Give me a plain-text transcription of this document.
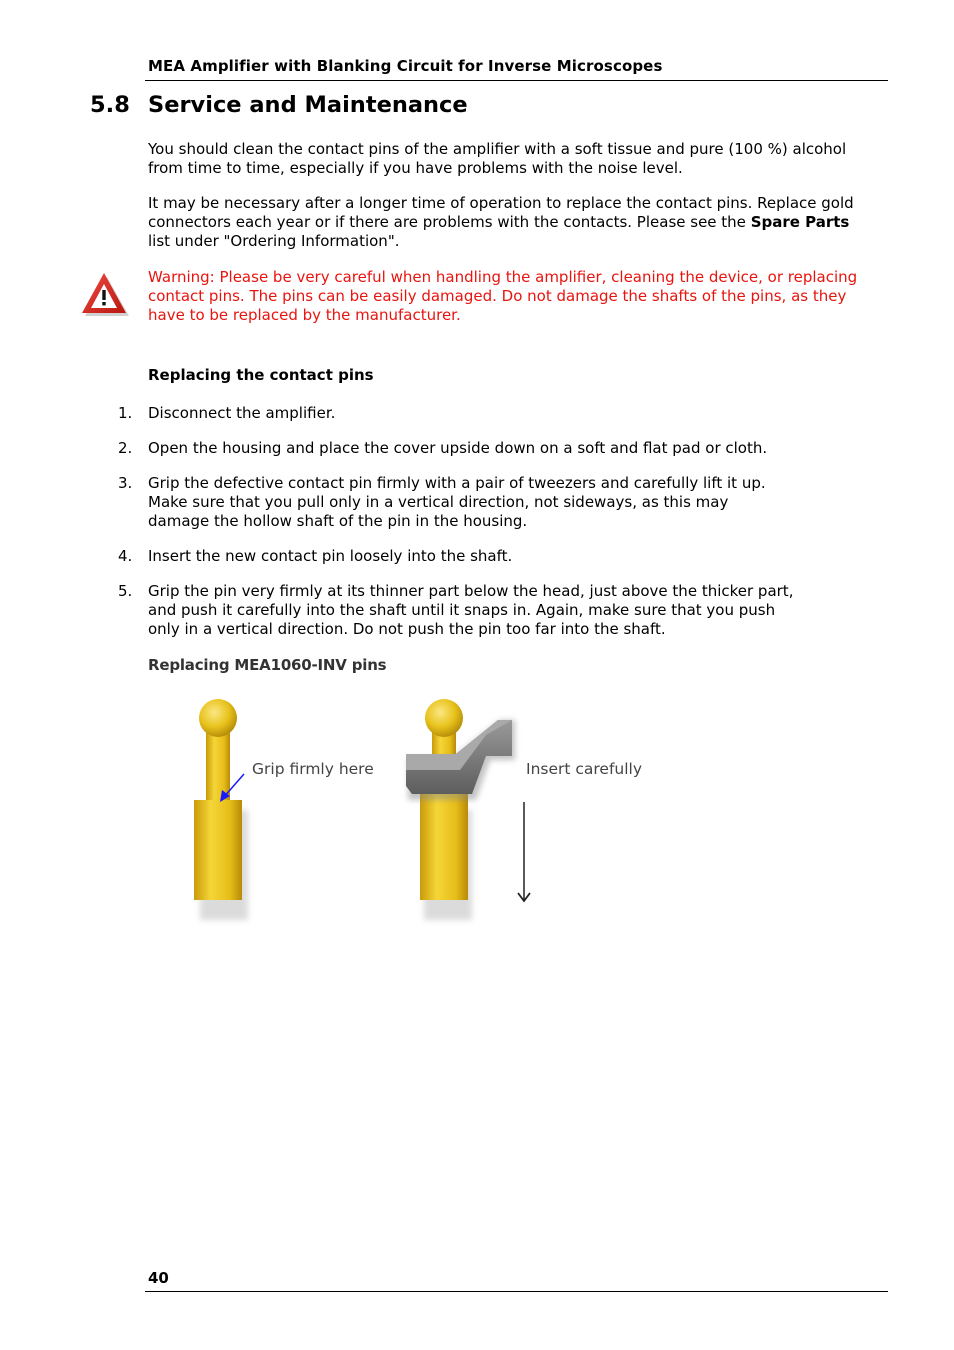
MEA Amplifier with Blanking Circuit for Inverse Microscopes
5.8 Service and Maintenance
You should clean the contact pins of the amplifier with a soft tissue and pure (100 %) alcohol from time to time, especially if you have problems with the noise level.
It may be necessary after a longer time of operation to replace the contact pins. Replace gold connectors each year or if there are problems with the contacts. Please see the Spare Parts list under "Ordering Information".
Warning: Please be very careful when handling the amplifier, cleaning the device, or replacing contact pins. The pins can be easily damaged. Do not damage the shafts of the pins, as they have to be replaced by the manufacturer.
Replacing the contact pins
1.	Disconnect the amplifier.
2.	Open the housing and place the cover upside down on a soft and flat pad or cloth.
3.	Grip the defective contact pin firmly with a pair of tweezers and carefully lift it up. Make sure that you pull only in a vertical direction, not sideways, as this may damage the hollow shaft of the pin in the housing.
4.	Insert the new contact pin loosely into the shaft.
5.	Grip the pin very firmly at its thinner part below the head, just above the thicker part, and push it carefully into the shaft until it snaps in. Again, make sure that you push only in a vertical direction. Do not push the pin too far into the shaft.
Replacing MEA1060-INV pins
Grip firmly here	Insert carefully
40
